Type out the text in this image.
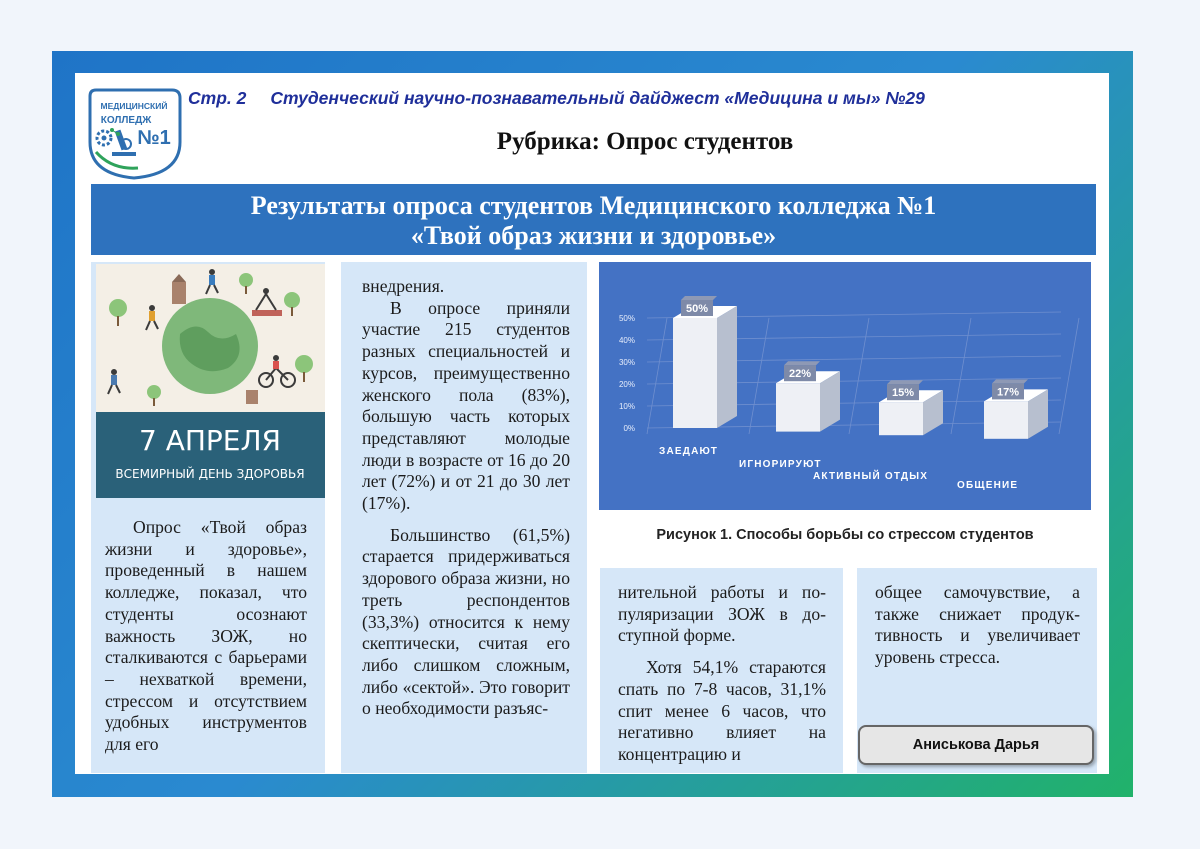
МЕДИЦИНСКИЙ
КОЛЛЕДЖ
№1
Стр. 2 Студенческий научно-познавательный дайджест «Медицина и мы» №29
Рубрика: Опрос студентов
Результаты опроса студентов Медицинского колледжа №1
«Твой образ жизни и здоровье»

Опрос «Твой образ жизни и здоровье», проведенный в нашем колледже, показал, что студенты осознают важность ЗОЖ, но сталкиваются с барьерами – нехваткой времени, стрессом и отсутствием удобных инструментов для его

7 АПРЕЛЯ
ВСЕМИРНЫЙ ДЕНЬ ЗДОРОВЬЯ

внедрения.

В опросе приняли участие 215 студентов разных специальностей и курсов, преимущественно женского пола (83%), большую часть которых представляют молодые люди в возрасте от 16 до 20 лет (72%) и от 21 до 30 лет (17%).

Большинство (61,5%) старается придерживаться здорового образа жизни, но треть респондентов (33,3%) относится к нему скептически, считая его либо слишком сложным, либо «сектой». Это говорит о необходимости разъяс-

0%
10%
20%
30%
40%
50%
50%
ЗАЕДАЮТ
22%
ИГНОРИРУЮТ
15%
АКТИВНЫЙ ОТДЫХ
17%
ОБЩЕНИЕ
Рисунок 1. Способы борьбы со стрессом студентов

нительной работы и популяризации ЗОЖ в доступной форме.

Хотя 54,1% стараются спать по 7-8 часов, 31,1% спит менее 6 часов, что негативно влияет на концентрацию и

общее самочувствие, а также снижает продуктивность и увеличивает уровень стресса.

Аниськова Дарья
